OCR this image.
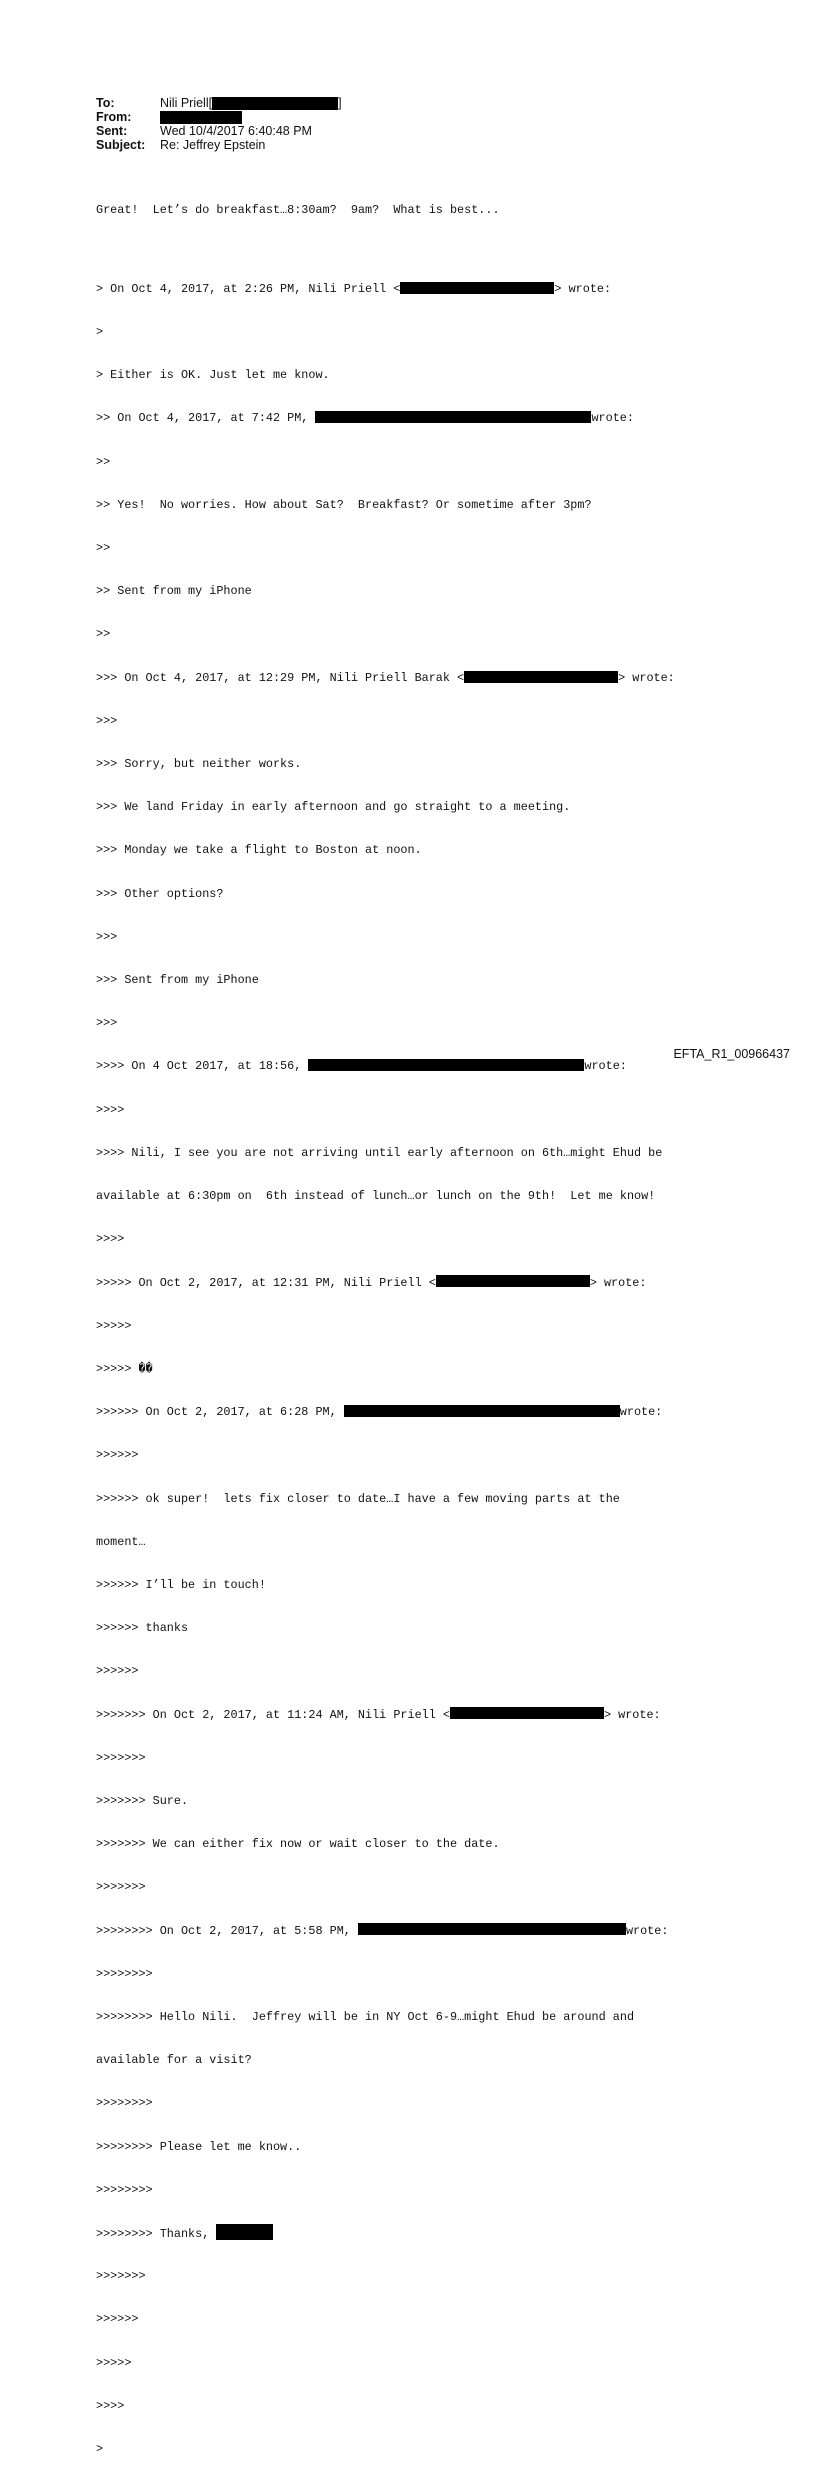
To:	Nili Priell[	]
From:
Sent:	Wed 10/4/2017 6:40:48 PM
Subject:	Re: Jeffrey Epstein

Great!  Let’s do breakfast…8:30am?  9am?  What is best...

> On Oct 4, 2017, at 2:26 PM, Nili Priell <	> wrote:

>

> Either is OK. Just let me know.

>> On Oct 4, 2017, at 7:42 PM,	wrote:

>>

>> Yes!  No worries. How about Sat?  Breakfast? Or sometime after 3pm?

>>

>> Sent from my iPhone

>>

>>> On Oct 4, 2017, at 12:29 PM, Nili Priell Barak <	> wrote:

>>>

>>> Sorry, but neither works.

>>> We land Friday in early afternoon and go straight to a meeting.

>>> Monday we take a flight to Boston at noon.

>>> Other options?

>>>

>>> Sent from my iPhone

>>>

>>>> On 4 Oct 2017, at 18:56,	wrote:

>>>>

>>>> Nili, I see you are not arriving until early afternoon on 6th…might Ehud be

available at 6:30pm on  6th instead of lunch…or lunch on the 9th!  Let me know!

>>>>

>>>>> On Oct 2, 2017, at 12:31 PM, Nili Priell <	> wrote:

>>>>>

>>>>> ��

>>>>>> On Oct 2, 2017, at 6:28 PM,	wrote:

>>>>>>

>>>>>> ok super!  lets fix closer to date…I have a few moving parts at the

moment…

>>>>>> I’ll be in touch!

>>>>>> thanks

>>>>>>

>>>>>>> On Oct 2, 2017, at 11:24 AM, Nili Priell <	> wrote:

>>>>>>>

>>>>>>> Sure.

>>>>>>> We can either fix now or wait closer to the date.

>>>>>>>

>>>>>>>> On Oct 2, 2017, at 5:58 PM,	wrote:

>>>>>>>>

>>>>>>>> Hello Nili.  Jeffrey will be in NY Oct 6-9…might Ehud be around and

available for a visit?

>>>>>>>>

>>>>>>>> Please let me know..

>>>>>>>>

>>>>>>>> Thanks,

>>>>>>>

>>>>>>

>>>>>

>>>>

>

EFTA_R1_00966437
